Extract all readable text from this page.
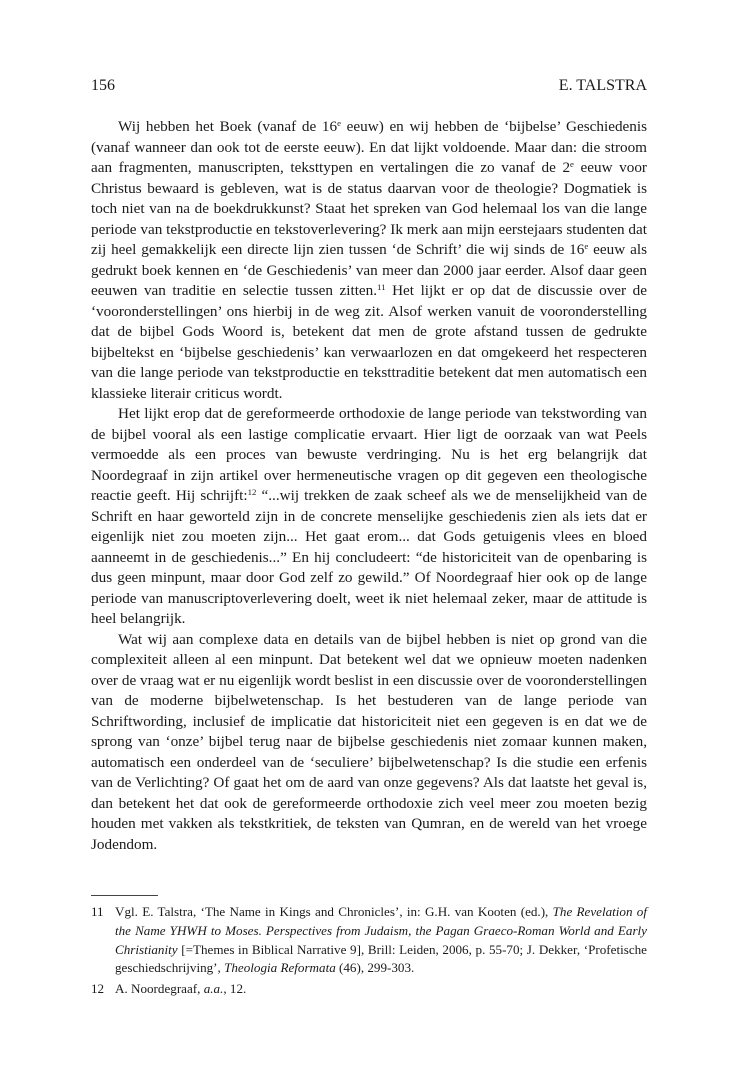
156	E. TALSTRA

Wij hebben het Boek (vanaf de 16e eeuw) en wij hebben de ‘bijbelse’ Geschiedenis (vanaf wanneer dan ook tot de eerste eeuw). En dat lijkt voldoende. Maar dan: die stroom aan fragmenten, manuscripten, teksttypen en vertalingen die zo vanaf de 2e eeuw voor Christus bewaard is gebleven, wat is de status daarvan voor de theologie? Dogmatiek is toch niet van na de boekdrukkunst? Staat het spreken van God helemaal los van die lange periode van tekstproductie en tekstoverlevering? Ik merk aan mijn eerstejaars studenten dat zij heel gemakkelijk een directe lijn zien tussen ‘de Schrift’ die wij sinds de 16e eeuw als gedrukt boek kennen en ‘de Geschiedenis’ van meer dan 2000 jaar eerder. Alsof daar geen eeuwen van traditie en selectie tussen zitten.$^{11}$ Het lijkt er op dat de discussie over de ‘vooronderstellingen’ ons hierbij in de weg zit. Alsof werken vanuit de vooronderstelling dat de bijbel Gods Woord is, betekent dat men de grote afstand tussen de gedrukte bijbeltekst en ‘bijbelse geschiedenis’ kan verwaarlozen en dat omgekeerd het respecteren van die lange periode van tekstproductie en teksttraditie betekent dat men automatisch een klassieke literair criticus wordt.

Het lijkt erop dat de gereformeerde orthodoxie de lange periode van tekstwording van de bijbel vooral als een lastige complicatie ervaart. Hier ligt de oorzaak van wat Peels vermoedde als een proces van bewuste verdringing. Nu is het erg belangrijk dat Noordegraaf in zijn artikel over hermeneutische vragen op dit gegeven een theologische reactie geeft. Hij schrijft:$^{12}$ “...wij trekken de zaak scheef als we de menselijkheid van de Schrift en haar geworteld zijn in de concrete menselijke geschiedenis zien als iets dat er eigenlijk niet zou moeten zijn... Het gaat erom... dat Gods getuigenis vlees en bloed aanneemt in de geschiedenis...” En hij concludeert: “de historiciteit van de openbaring is dus geen minpunt, maar door God zelf zo gewild.” Of Noordegraaf hier ook op de lange periode van manuscriptoverlevering doelt, weet ik niet helemaal zeker, maar de attitude is heel belangrijk.

Wat wij aan complexe data en details van de bijbel hebben is niet op grond van die complexiteit alleen al een minpunt. Dat betekent wel dat we opnieuw moeten nadenken over de vraag wat er nu eigenlijk wordt beslist in een discussie over de vooronderstellingen van de moderne bijbelwetenschap. Is het bestuderen van de lange periode van Schriftwording, inclusief de implicatie dat historiciteit niet een gegeven is en dat we de sprong van ‘onze’ bijbel terug naar de bijbelse geschiedenis niet zomaar kunnen maken, automatisch een onderdeel van de ‘seculiere’ bijbelwetenschap? Is die studie een erfenis van de Verlichting? Of gaat het om de aard van onze gegevens? Als dat laatste het geval is, dan betekent het dat ook de gereformeerde orthodoxie zich veel meer zou moeten bezig houden met vakken als tekstkritiek, de teksten van Qumran, en de wereld van het vroege Jodendom.

11 Vgl. E. Talstra, ‘The Name in Kings and Chronicles’, in: G.H. van Kooten (ed.), The Revelation of the Name YHWH to Moses. Perspectives from Judaism, the Pagan Graeco-Roman World and Early Christianity [=Themes in Biblical Narrative 9], Brill: Leiden, 2006, p. 55-70; J. Dekker, ‘Profetische geschiedschrijving’, Theologia Reformata (46), 299-303.
12 A. Noordegraaf, a.a., 12.
